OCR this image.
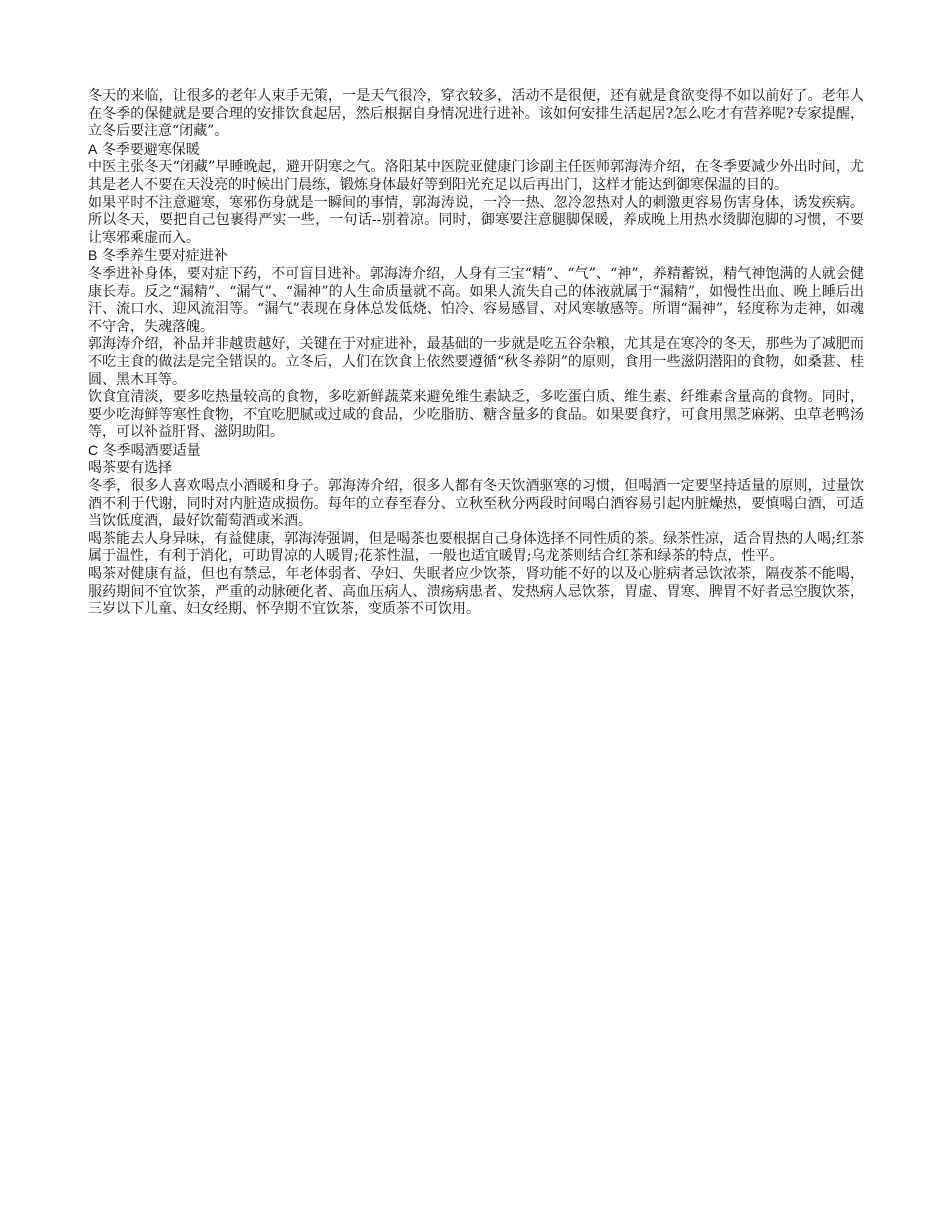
冬天的来临，让很多的老年人束手无策，一是天气很冷，穿衣较多，活动不是很便，还有就是食欲变得不如以前好了。老年人在冬季的保健就是要合理的安排饮食起居，然后根据自身情况进行进补。该如何安排生活起居?怎么吃才有营养呢?专家提醒，立冬后要注意“闭藏”。

A 冬季要避寒保暖

中医主张冬天“闭藏”早睡晚起，避开阴寒之气。洛阳某中医院亚健康门诊副主任医师郭海涛介绍，在冬季要减少外出时间，尤其是老人不要在天没亮的时候出门晨练，锻炼身体最好等到阳光充足以后再出门，这样才能达到御寒保温的目的。

如果平时不注意避寒，寒邪伤身就是一瞬间的事情，郭海涛说，一冷一热、忽冷忽热对人的刺激更容易伤害身体，诱发疾病。所以冬天，要把自己包裹得严实一些，一句话--别着凉。同时，御寒要注意腿脚保暖，养成晚上用热水烫脚泡脚的习惯，不要让寒邪乘虚而入。

B 冬季养生要对症进补

冬季进补身体，要对症下药，不可盲目进补。郭海涛介绍，人身有三宝“精”、“气”、“神”，养精蓄锐，精气神饱满的人就会健康长寿。反之“漏精”、“漏气”、“漏神”的人生命质量就不高。如果人流失自己的体液就属于“漏精”，如慢性出血、晚上睡后出汗、流口水、迎风流泪等。“漏气”表现在身体总发低烧、怕冷、容易感冒、对风寒敏感等。所谓“漏神”，轻度称为走神，如魂不守舍，失魂落魄。

郭海涛介绍，补品并非越贵越好，关键在于对症进补，最基础的一步就是吃五谷杂粮，尤其是在寒冷的冬天，那些为了减肥而不吃主食的做法是完全错误的。立冬后，人们在饮食上依然要遵循“秋冬养阴”的原则，食用一些滋阴潜阳的食物，如桑葚、桂圆、黑木耳等。

饮食宜清淡，要多吃热量较高的食物，多吃新鲜蔬菜来避免维生素缺乏，多吃蛋白质、维生素、纤维素含量高的食物。同时，要少吃海鲜等寒性食物，不宜吃肥腻或过咸的食品，少吃脂肪、糖含量多的食品。如果要食疗，可食用黑芝麻粥、虫草老鸭汤等，可以补益肝肾、滋阴助阳。

C 冬季喝酒要适量
喝茶要有选择

冬季，很多人喜欢喝点小酒暖和身子。郭海涛介绍，很多人都有冬天饮酒驱寒的习惯，但喝酒一定要坚持适量的原则，过量饮酒不利于代谢，同时对内脏造成损伤。每年的立春至春分、立秋至秋分两段时间喝白酒容易引起内脏燥热，要慎喝白酒，可适当饮低度酒，最好饮葡萄酒或米酒。

喝茶能去人身异味，有益健康，郭海涛强调，但是喝茶也要根据自己身体选择不同性质的茶。绿茶性凉，适合胃热的人喝;红茶属于温性，有利于消化，可助胃凉的人暖胃;花茶性温，一般也适宜暖胃;乌龙茶则结合红茶和绿茶的特点，性平。

喝茶对健康有益，但也有禁忌，年老体弱者、孕妇、失眠者应少饮茶，肾功能不好的以及心脏病者忌饮浓茶，隔夜茶不能喝，服药期间不宜饮茶，严重的动脉硬化者、高血压病人、溃疡病患者、发热病人忌饮茶，胃虚、胃寒、脾胃不好者忌空腹饮茶，三岁以下儿童、妇女经期、怀孕期不宜饮茶，变质茶不可饮用。
